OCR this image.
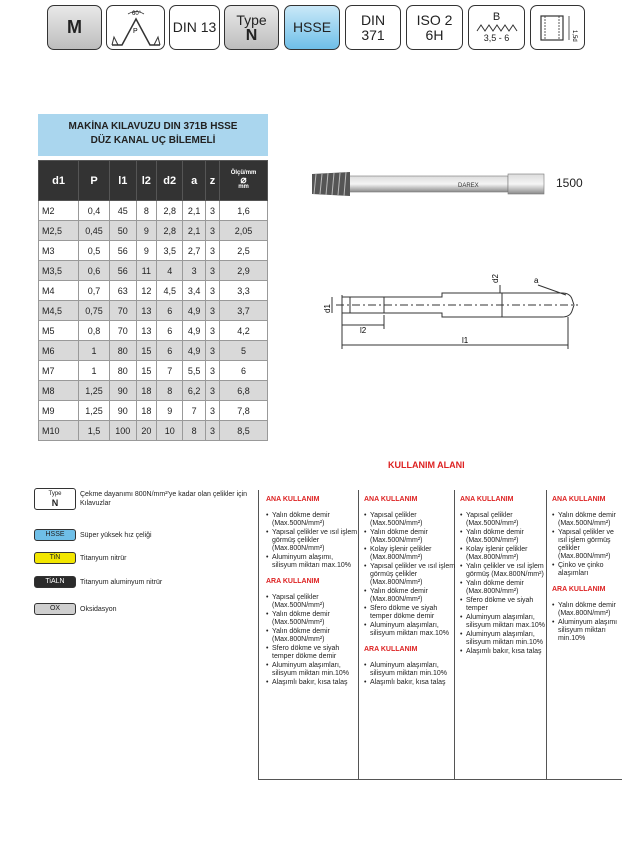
M
60°
P	DIN 13 Type
N	HSSE DIN
371
ISO 2
6H
B
3,5 - 6	1,5d
MAKİNA KILAVUZU DIN 371B HSSE
DÜZ KANAL UÇ BİLEMELİ
d1	P	l1	l2	d2	a	z	Ölçü/mm
⌀
mm

M2	0,4	45	8	2,8	2,1	3	1,6
M2,5	0,45	50	9	2,8	2,1	3	2,05
M3	0,5	56	9	3,5	2,7	3	2,5
M3,5	0,6	56	11	4	3	3	2,9
M4	0,7	63	12	4,5	3,4	3	3,3
M4,5	0,75	70	13	6	4,9	3	3,7
M5	0,8	70	13	6	4,9	3	4,2
M6	1	80	15	6	4,9	3	5
M7	1	80	15	7	5,5	3	6
M8	1,25	90	18	8	6,2	3	6,8
M9	1,25	90	18	9	7	3	7,8
M10	1,5	100	20	10	8	3	8,5
DAREX	1500
d1
d2
l2
l1
a
Type
N
Çekme dayanımı 800N/mm²'ye kadar olan çelikler için Kılavuzlar
HSSE	Süper yüksek hız çeliği
TiN	Titanyum nitrür
TiALN	Titanyum aluminyum nitrür
OX	Oksidasyon
KULLANIM ALANI
ANA KULLANIM
• Yalın dökme demir (Max.500N/mm²)
• Yapısal çelikler ve ısıl işlem görmüş çelikler (Max.800N/mm²)
• Aluminyum alaşımı, silisyum miktarı max.10%
ARA KULLANIM
• Yapısal çelikler (Max.500N/mm²)
• Yalın dökme demir (Max.500N/mm²)
• Yalın dökme demir (Max.800N/mm²)
• Sfero dökme ve siyah temper dökme demir
• Aluminyum alaşımları, silisyum miktarı min.10%
• Alaşımlı bakır, kısa talaş
ANA KULLANIM
• Yapısal çelikler (Max.500N/mm²)
• Yalın dökme demir (Max.500N/mm²)
• Kolay işlenir çelikler (Max.800N/mm²)
• Yapısal çelikler ve ısıl işlem görmüş çelikler (Max.800N/mm²)
• Yalın dökme demir (Max.800N/mm²)
• Sfero dökme ve siyah temper dökme demir
• Aluminyum alaşımları, silisyum miktarı max.10%
ARA KULLANIM
• Aluminyum alaşımları, silisyum miktarı min.10%
• Alaşımlı bakır, kısa talaş
ANA KULLANIM
• Yapısal çelikler (Max.500N/mm²)
• Yalın dökme demir (Max.500N/mm²)
• Kolay işlenir çelikler (Max.800N/mm²)
• Yalın çelikler ve ısıl işlem görmüş (Max.800N/mm²)
• Yalın dökme demir (Max.800N/mm²)
• Sfero dökme ve siyah temper
• Aluminyum alaşımları, silisyum miktarı max.10%
• Aluminyum alaşımları, silisyum miktarı min.10%
• Alaşımlı bakır, kısa talaş
ANA KULLANIM
• Yalın dökme demir (Max.500N/mm²)
• Yapısal çelikler ve ısıl işlem görmüş çelikler (Max.800N/mm²)
• Çinko ve çinko alaşımları
ARA KULLANIM
• Yalın dökme demir (Max.800N/mm²)
• Aluminyum alaşımı silisyum miktarı min.10%
